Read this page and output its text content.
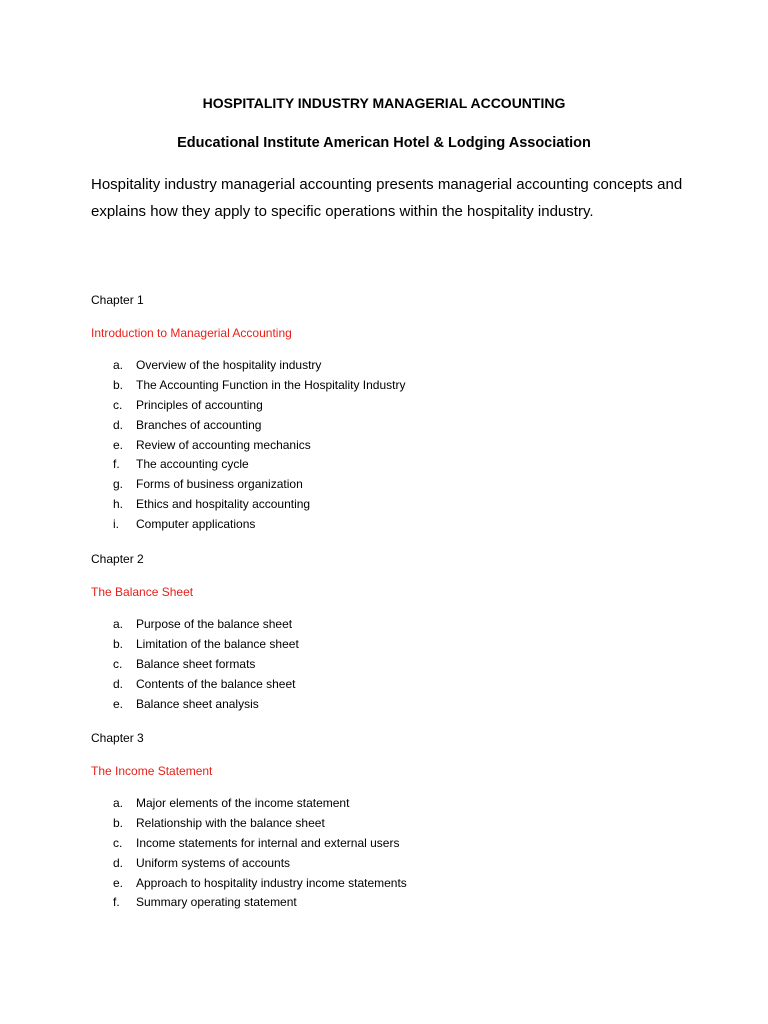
HOSPITALITY INDUSTRY MANAGERIAL ACCOUNTING
Educational Institute American Hotel & Lodging Association
Hospitality industry managerial accounting presents managerial accounting concepts and explains how they apply to specific operations within the hospitality industry.
Chapter 1
Introduction to Managerial Accounting
a. Overview of the hospitality industry
b. The Accounting Function in the Hospitality Industry
c. Principles of accounting
d. Branches of accounting
e. Review of accounting mechanics
f. The accounting cycle
g. Forms of business organization
h. Ethics and hospitality accounting
i. Computer applications
Chapter 2
The Balance Sheet
a. Purpose of the balance sheet
b. Limitation of the balance sheet
c. Balance sheet formats
d. Contents of the balance sheet
e. Balance sheet analysis
Chapter 3
The Income Statement
a. Major elements of the income statement
b. Relationship with the balance sheet
c. Income statements for internal and external users
d. Uniform systems of accounts
e. Approach to hospitality industry income statements
f. Summary operating statement
